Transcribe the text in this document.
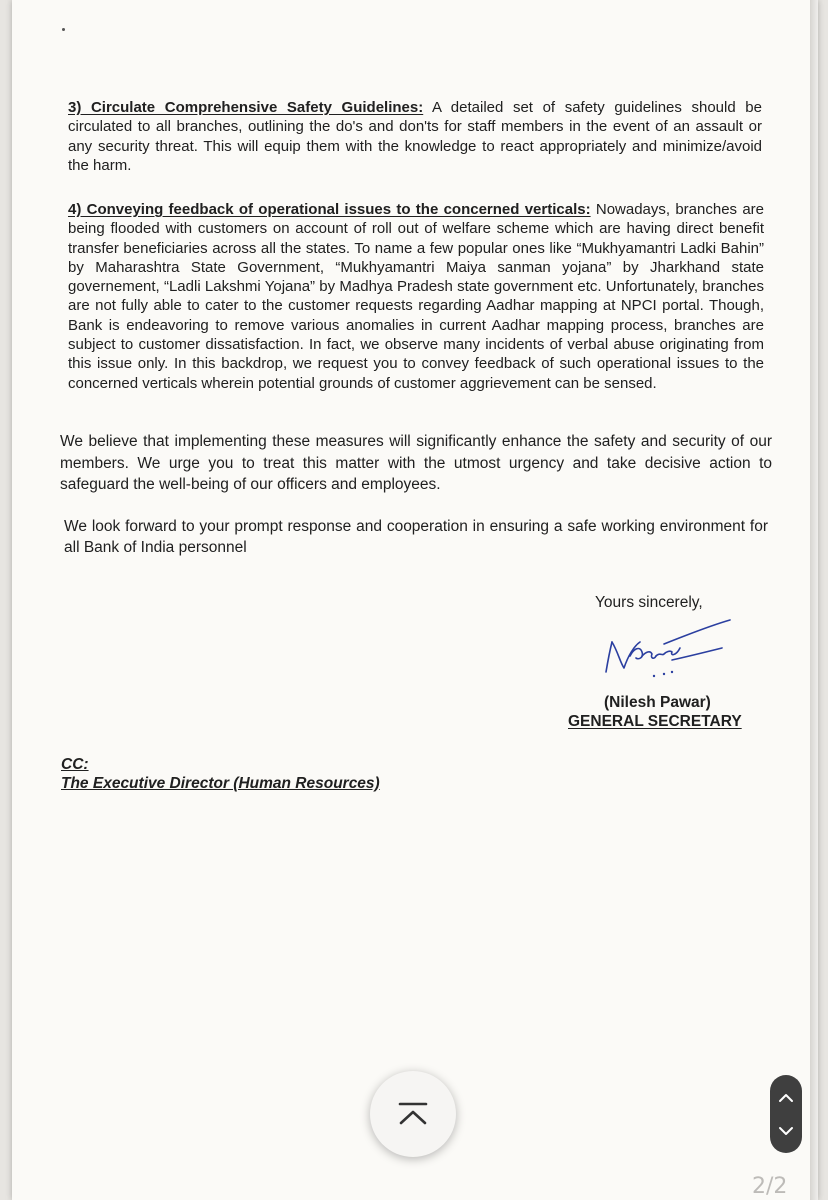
3) Circulate Comprehensive Safety Guidelines: A detailed set of safety guidelines should be circulated to all branches, outlining the do's and don'ts for staff members in the event of an assault or any security threat. This will equip them with the knowledge to react appropriately and minimize/avoid the harm.

4) Conveying feedback of operational issues to the concerned verticals: Nowadays, branches are being flooded with customers on account of roll out of welfare scheme which are having direct benefit transfer beneficiaries across all the states. To name a few popular ones like “Mukhyamantri Ladki Bahin” by Maharashtra State Government, “Mukhyamantri Maiya sanman yojana” by Jharkhand state governement, “Ladli Lakshmi Yojana” by Madhya Pradesh state government etc. Unfortunately, branches are not fully able to cater to the customer requests regarding Aadhar mapping at NPCI portal. Though, Bank is endeavoring to remove various anomalies in current Aadhar mapping process, branches are subject to customer dissatisfaction. In fact, we observe many incidents of verbal abuse originating from this issue only. In this backdrop, we request you to convey feedback of such operational issues to the concerned verticals wherein potential grounds of customer aggrievement can be sensed.

We believe that implementing these measures will significantly enhance the safety and security of our members. We urge you to treat this matter with the utmost urgency and take decisive action to safeguard the well-being of our officers and employees.

We look forward to your prompt response and cooperation in ensuring a safe working environment for all Bank of India personnel

Yours sincerely,

(Nilesh Pawar)

GENERAL SECRETARY

CC:

The Executive Director (Human Resources)

2/2
